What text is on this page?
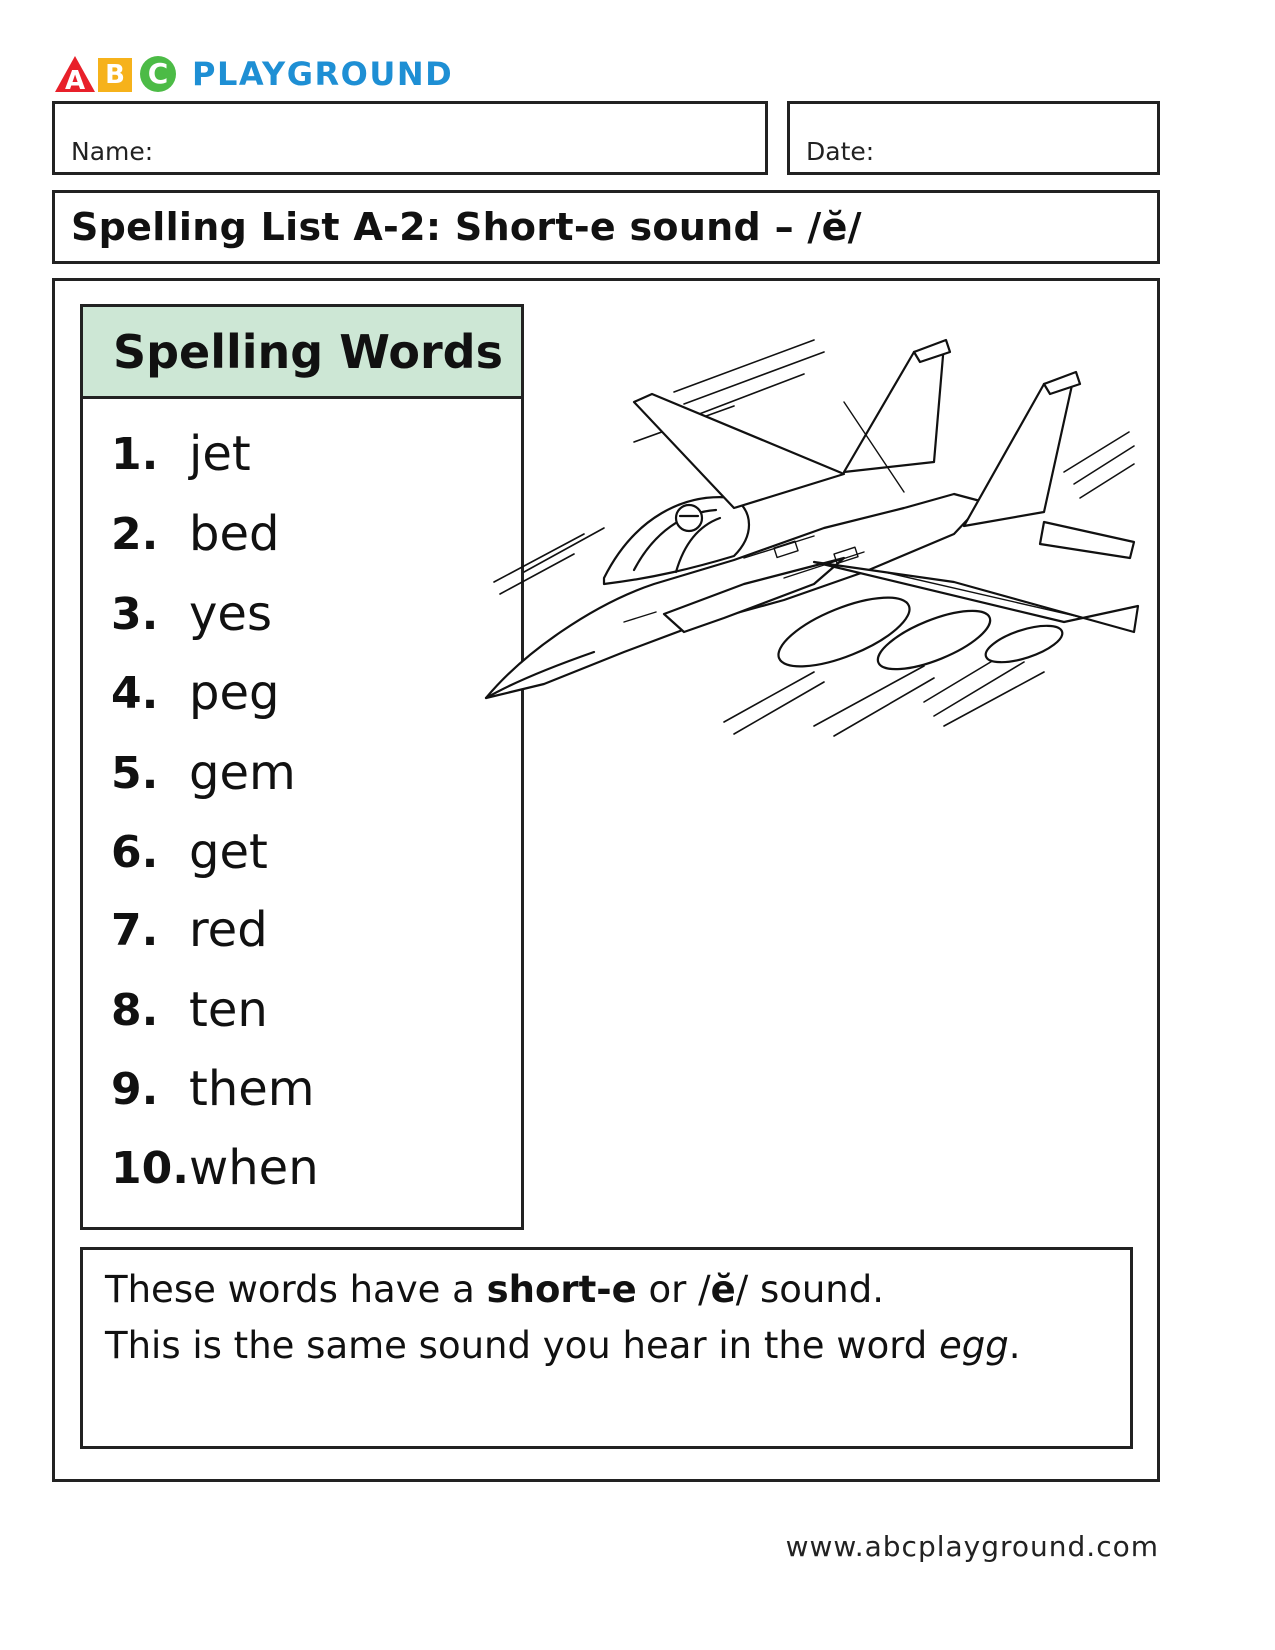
A B C PLAYGROUND
Name:	Date:
Spelling List A-2: Short-e sound – /ĕ/
Spelling Words
1. jet
2. bed
3. yes
4. peg
5. gem
6. get
7. red
8. ten
9. them
10. when
These words have a short-e or /ĕ/ sound.
This is the same sound you hear in the word egg.
www.abcplayground.com
